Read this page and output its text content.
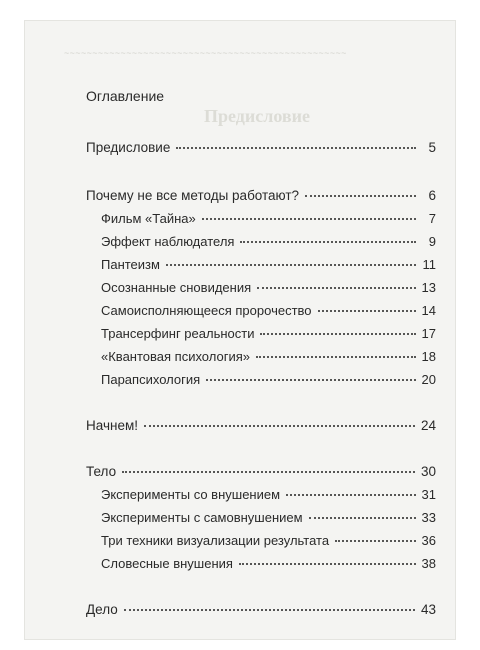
~~~~~~~~~~~~~~~~~~~~~~~~~~~~~~~~~~~~~~~~~~~~~~~~~~
Предисловие
Оглавление
Предисловие	5
Почему не все методы работают?	6
Фильм «Тайна»	7
Эффект наблюдателя	9
Пантеизм	11
Осознанные сновидения	13
Самоисполняющееся пророчество	14
Трансерфинг реальности	17
«Квантовая психология»	18
Парапсихология	20
Начнем!	24
Тело	30
Эксперименты со внушением	31
Эксперименты с самовнушением	33
Три техники визуализации результата	36
Словесные внушения	38
Дело	43
